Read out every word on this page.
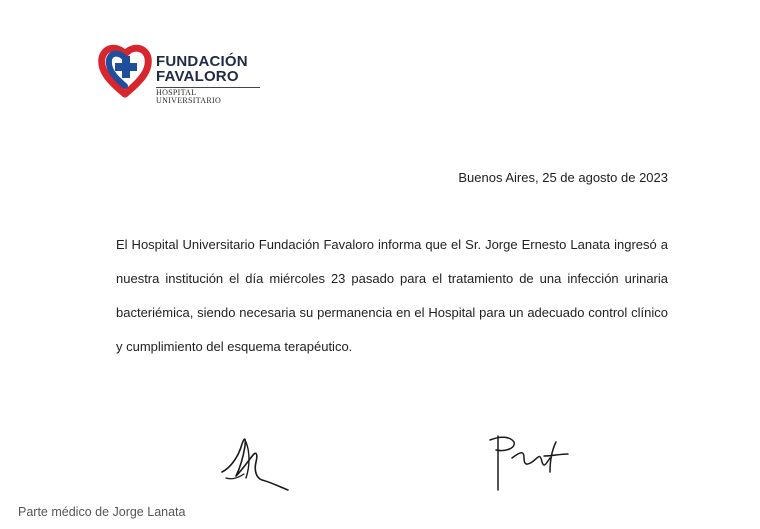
FUNDACIÓN
FAVALORO
HOSPITAL UNIVERSITARIO
Buenos Aires, 25 de agosto de 2023
El Hospital Universitario Fundación Favaloro informa que el Sr. Jorge Ernesto Lanata ingresó a nuestra institución el día miércoles 23 pasado para el tratamiento de una infección urinaria bacteriémica, siendo necesaria su permanencia en el Hospital para un adecuado control clínico y cumplimiento del esquema terapéutico.
Parte médico de Jorge Lanata
